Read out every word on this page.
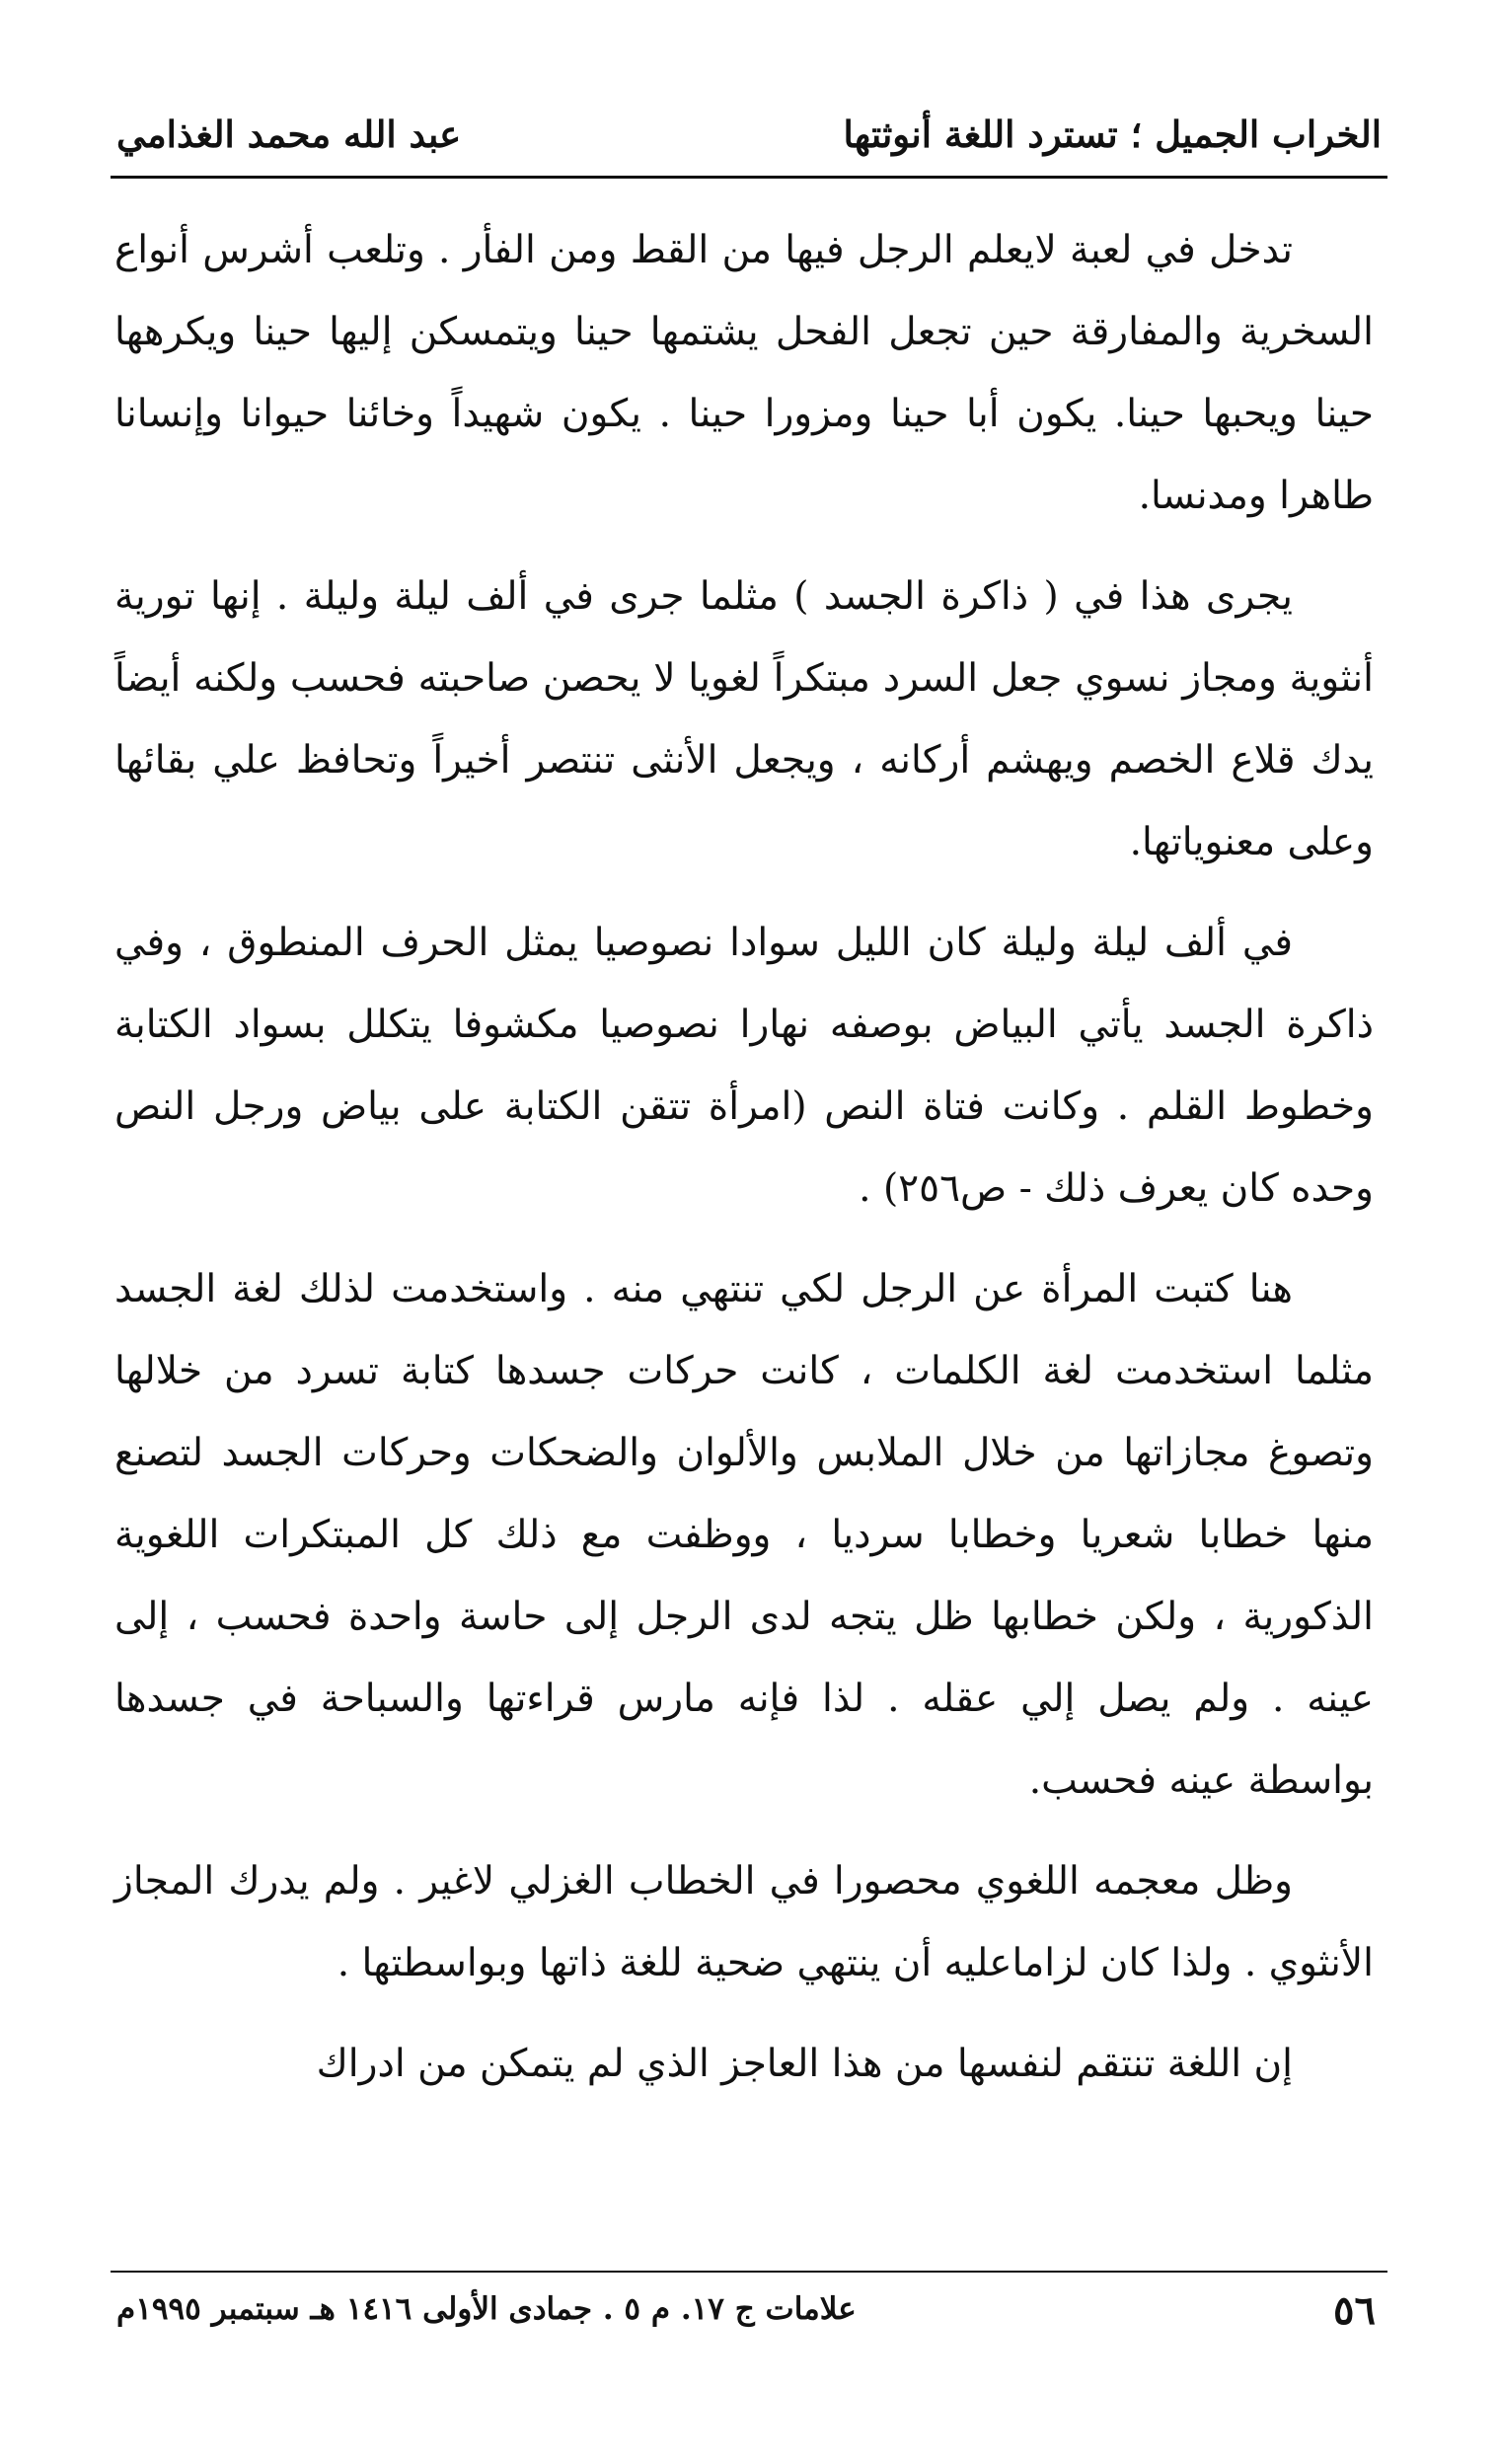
الخراب الجميل ؛ تسترد اللغة أنوثتها
عبد الله محمد الغذامي

تدخل في لعبة لايعلم الرجل فيها من القط ومن الفأر . وتلعب أشرس أنواع السخرية والمفارقة حين تجعل الفحل يشتمها حينا ويتمسكن إليها حينا ويكرهها حينا ويحبها حينا. يكون أبا حينا ومزورا حينا . يكون شهيداً وخائنا حيوانا وإنسانا طاهرا ومدنسا.

يجرى هذا في ( ذاكرة الجسد ) مثلما جرى في ألف ليلة وليلة . إنها تورية أنثوية ومجاز نسوي جعل السرد مبتكراً لغويا لا يحصن صاحبته فحسب ولكنه أيضاً يدك قلاع الخصم ويهشم أركانه ، ويجعل الأنثى تنتصر أخيراً وتحافظ علي بقائها وعلى معنوياتها.

في ألف ليلة وليلة كان الليل سوادا نصوصيا يمثل الحرف المنطوق ، وفي ذاكرة الجسد يأتي البياض بوصفه نهارا نصوصيا مكشوفا يتكلل بسواد الكتابة وخطوط القلم . وكانت فتاة النص (امرأة تتقن الكتابة على بياض ورجل النص وحده كان يعرف ذلك - ص٢٥٦) .

هنا كتبت المرأة عن الرجل لكي تنتهي منه . واستخدمت لذلك لغة الجسد مثلما استخدمت لغة الكلمات ، كانت حركات جسدها كتابة تسرد من خلالها وتصوغ مجازاتها من خلال الملابس والألوان والضحكات وحركات الجسد لتصنع منها خطابا شعريا وخطابا سرديا ، ووظفت مع ذلك كل المبتكرات اللغوية الذكورية ، ولكن خطابها ظل يتجه لدى الرجل إلى حاسة واحدة فحسب ، إلى عينه . ولم يصل إلي عقله . لذا فإنه مارس قراءتها والسباحة في جسدها بواسطة عينه فحسب.

وظل معجمه اللغوي محصورا في الخطاب الغزلي لاغير . ولم يدرك المجاز الأنثوي . ولذا كان لزاماعليه أن ينتهي ضحية للغة ذاتها وبواسطتها .

إن اللغة تنتقم لنفسها من هذا العاجز الذي لم يتمكن من ادراك

٥٦
علامات ج ١٧. م ٥ . جمادى الأولى ١٤١٦ هـ سبتمبر ١٩٩٥م
